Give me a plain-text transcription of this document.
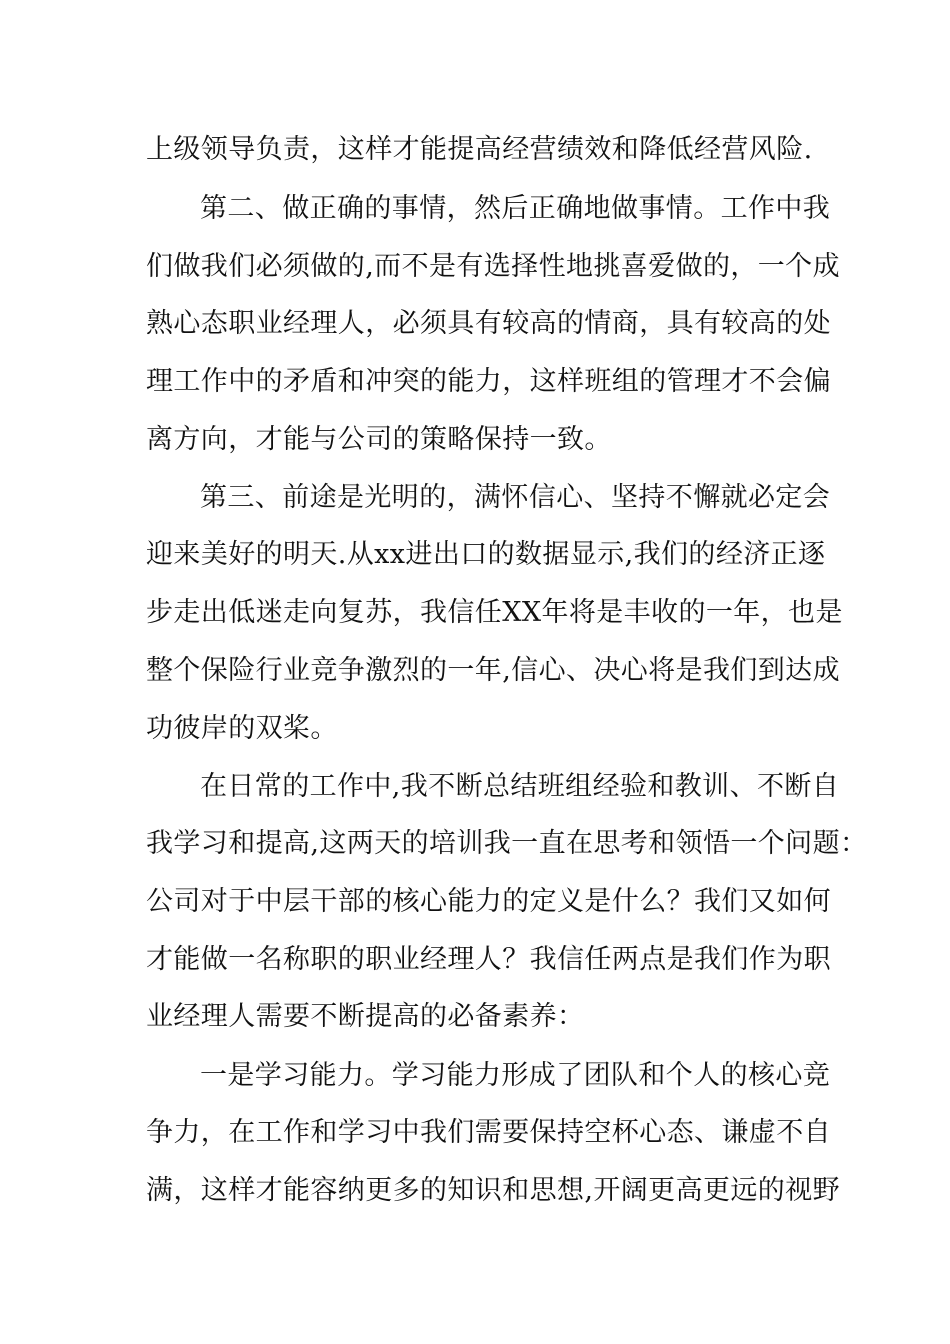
上级领导负责，这样才能提高经营绩效和降低经营风险.
第二、做正确的事情，然后正确地做事情。工作中我
们做我们必须做的,而不是有选择性地挑喜爱做的，一个成
熟心态职业经理人，必须具有较高的情商，具有较高的处
理工作中的矛盾和冲突的能力，这样班组的管理才不会偏
离方向，才能与公司的策略保持一致。
第三、前途是光明的，满怀信心、坚持不懈就必定会
迎来美好的明天.从xx进出口的数据显示,我们的经济正逐
步走出低迷走向复苏，我信任XX年将是丰收的一年，也是
整个保险行业竞争激烈的一年,信心、决心将是我们到达成
功彼岸的双桨。
在日常的工作中,我不断总结班组经验和教训、不断自
我学习和提高,这两天的培训我一直在思考和领悟一个问题：
公司对于中层干部的核心能力的定义是什么？我们又如何
才能做一名称职的职业经理人？我信任两点是我们作为职
业经理人需要不断提高的必备素养：
一是学习能力。学习能力形成了团队和个人的核心竞
争力，在工作和学习中我们需要保持空杯心态、谦虚不自
满，这样才能容纳更多的知识和思想,开阔更高更远的视野
